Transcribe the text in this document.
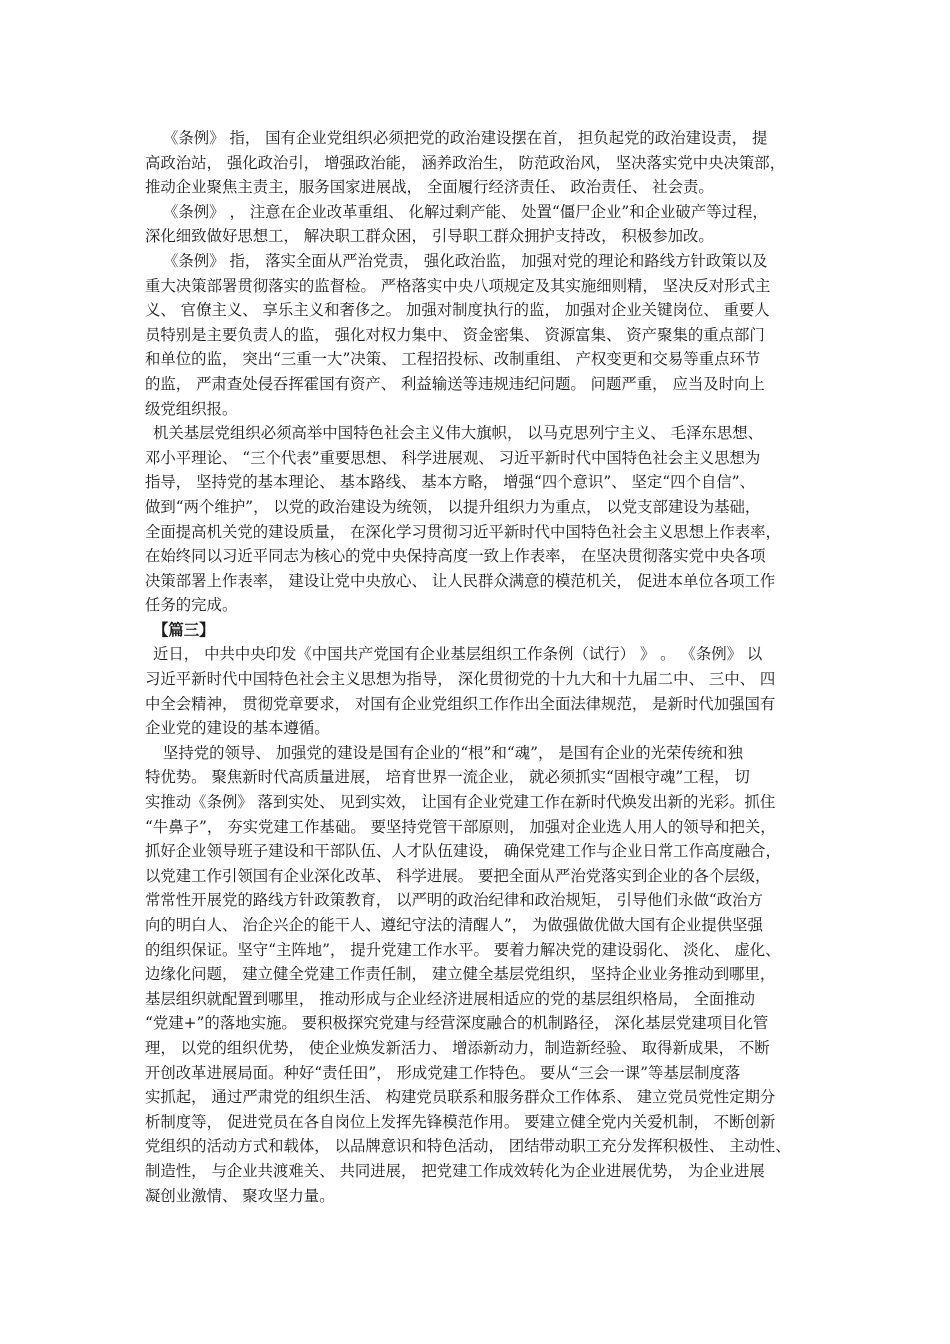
《条例》 指， 国有企业党组织必须把党的政治建设摆在首， 担负起党的政治建设责， 提
高政治站， 强化政治引， 增强政治能， 涵养政治生， 防范政治风， 坚决落实党中央决策部，
推动企业聚焦主责主，服务国家进展战， 全面履行经济责任、 政治责任、 社会责。
《条例》 ， 注意在企业改革重组、 化解过剩产能、 处置“僵尸企业”和企业破产等过程，
深化细致做好思想工， 解决职工群众困， 引导职工群众拥护支持改， 积极参加改。
《条例》 指， 落实全面从严治党责， 强化政治监， 加强对党的理论和路线方针政策以及
重大决策部署贯彻落实的监督检。 严格落实中央八项规定及其实施细则精， 坚决反对形式主
义、 官僚主义、 享乐主义和奢侈之。 加强对制度执行的监， 加强对企业关键岗位、 重要人
员特别是主要负责人的监， 强化对权力集中、 资金密集、 资源富集、 资产聚集的重点部门
和单位的监， 突出“三重一大”决策、 工程招投标、改制重组、 产权变更和交易等重点环节
的监， 严肃查处侵吞挥霍国有资产、 利益输送等违规违纪问题。 问题严重， 应当及时向上
级党组织报。
机关基层党组织必须高举中国特色社会主义伟大旗帜， 以马克思列宁主义、 毛泽东思想、
邓小平理论、 “三个代表”重要思想、 科学进展观、 习近平新时代中国特色社会主义思想为
指导， 坚持党的基本理论、 基本路线、 基本方略， 增强“四个意识”、 坚定“四个自信”、
做到“两个维护”， 以党的政治建设为统领， 以提升组织力为重点， 以党支部建设为基础，
全面提高机关党的建设质量， 在深化学习贯彻习近平新时代中国特色社会主义思想上作表率，
在始终同以习近平同志为核心的党中央保持高度一致上作表率， 在坚决贯彻落实党中央各项
决策部署上作表率， 建设让党中央放心、 让人民群众满意的模范机关， 促进本单位各项工作
任务的完成。
【篇三】
近日， 中共中央印发《中国共产党国有企业基层组织工作条例（试行） 》 。 《条例》 以
习近平新时代中国特色社会主义思想为指导， 深化贯彻党的十九大和十九届二中、 三中、 四
中全会精神， 贯彻党章要求， 对国有企业党组织工作作出全面法律规范， 是新时代加强国有
企业党的建设的基本遵循。
坚持党的领导、 加强党的建设是国有企业的“根”和“魂”， 是国有企业的光荣传统和独
特优势。 聚焦新时代高质量进展， 培育世界一流企业， 就必须抓实“固根守魂”工程， 切
实推动《条例》 落到实处、 见到实效， 让国有企业党建工作在新时代焕发出新的光彩。抓住
“牛鼻子”， 夯实党建工作基础。 要坚持党管干部原则， 加强对企业选人用人的领导和把关，
抓好企业领导班子建设和干部队伍、人才队伍建设， 确保党建工作与企业日常工作高度融合，
以党建工作引领国有企业深化改革、 科学进展。 要把全面从严治党落实到企业的各个层级，
常常性开展党的路线方针政策教育， 以严明的政治纪律和政治规矩， 引导他们永做“政治方
向的明白人、 治企兴企的能干人、遵纪守法的清醒人”， 为做强做优做大国有企业提供坚强
的组织保证。坚守“主阵地”， 提升党建工作水平。 要着力解决党的建设弱化、 淡化、 虚化、
边缘化问题， 建立健全党建工作责任制， 建立健全基层党组织， 坚持企业业务推动到哪里，
基层组织就配置到哪里， 推动形成与企业经济进展相适应的党的基层组织格局， 全面推动
“党建+”的落地实施。 要积极探究党建与经营深度融合的机制路径， 深化基层党建项目化管
理， 以党的组织优势， 使企业焕发新活力、 增添新动力，制造新经验、 取得新成果， 不断
开创改革进展局面。种好“责任田”， 形成党建工作特色。 要从“三会一课”等基层制度落
实抓起， 通过严肃党的组织生活、 构建党员联系和服务群众工作体系、 建立党员党性定期分
析制度等， 促进党员在各自岗位上发挥先锋模范作用。 要建立健全党内关爱机制， 不断创新
党组织的活动方式和载体， 以品牌意识和特色活动， 团结带动职工充分发挥积极性、 主动性、
制造性， 与企业共渡难关、 共同进展， 把党建工作成效转化为企业进展优势， 为企业进展
凝创业激情、 聚攻坚力量。
